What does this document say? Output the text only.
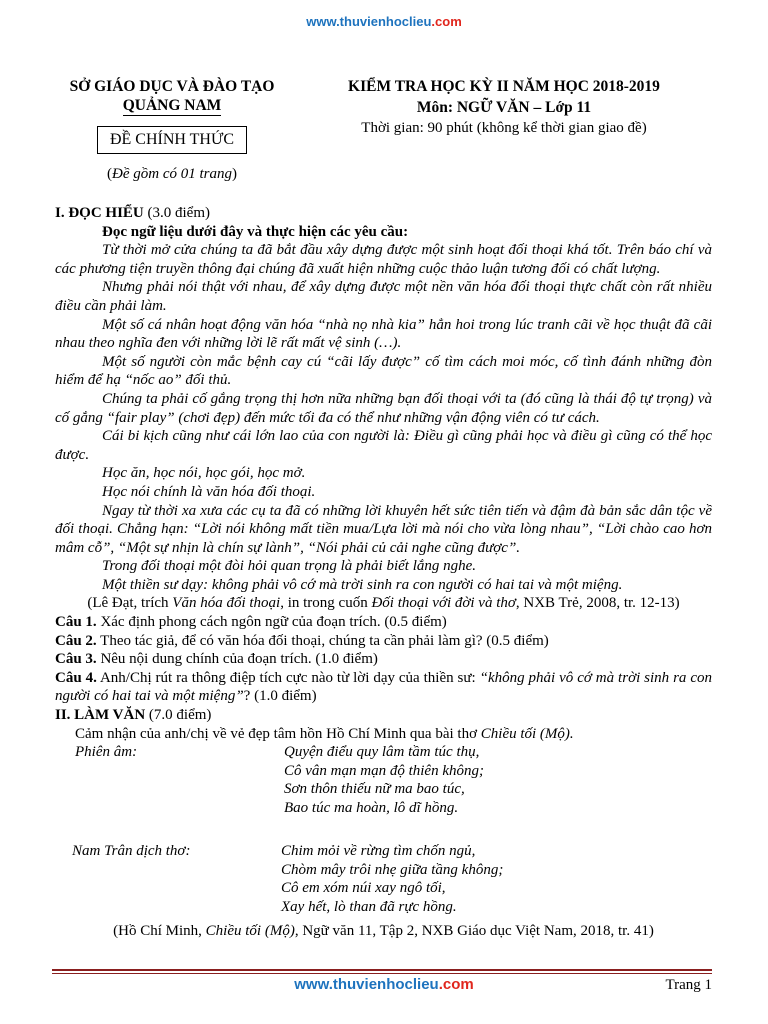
www.thuvienhoclieu.com
SỞ GIÁO DỤC VÀ ĐÀO TẠO
QUẢNG NAM
ĐỀ CHÍNH THỨC
(Đề gồm có 01 trang)
KIỂM TRA HỌC KỲ II NĂM HỌC 2018-2019
Môn: NGỮ VĂN – Lớp 11
Thời gian: 90 phút (không kể thời gian giao đề)

I. ĐỌC HIỂU (3.0 điểm)

Đọc ngữ liệu dưới đây và thực hiện các yêu cầu:

Từ thời mở cửa chúng ta đã bắt đầu xây dựng được một sinh hoạt đối thoại khá tốt. Trên báo chí và các phương tiện truyền thông đại chúng đã xuất hiện những cuộc thảo luận tương đối có chất lượng.

Nhưng phải nói thật với nhau, để xây dựng được một nền văn hóa đối thoại thực chất còn rất nhiều điều cần phải làm.

Một số cá nhân hoạt động văn hóa “nhà nọ nhà kia” hẳn hoi trong lúc tranh cãi về học thuật đã cãi nhau theo nghĩa đen với những lời lẽ rất mất vệ sinh (…).

Một số người còn mắc bệnh cay cú “cãi lấy được” cố tìm cách moi móc, cố tình đánh những đòn hiểm để hạ “nốc ao” đối thủ.

Chúng ta phải cố gắng trọng thị hơn nữa những bạn đối thoại với ta (đó cũng là thái độ tự trọng) và cố gắng “fair play” (chơi đẹp) đến mức tối đa có thể như những vận động viên có tư cách.

Cái bi kịch cũng như cái lớn lao của con người là: Điều gì cũng phải học và điều gì cũng có thể học được.

Học ăn, học nói, học gói, học mở.

Học nói chính là văn hóa đối thoại.

Ngay từ thời xa xưa các cụ ta đã có những lời khuyên hết sức tiên tiến và đậm đà bản sắc dân tộc về đối thoại. Chẳng hạn: “Lời nói không mất tiền mua/Lựa lời mà nói cho vừa lòng nhau”, “Lời chào cao hơn mâm cỗ”, “Một sự nhịn là chín sự lành”, “Nói phải củ cải nghe cũng được”.

Trong đối thoại một đòi hỏi quan trọng là phải biết lắng nghe.

Một thiền sư dạy: không phải vô cớ mà trời sinh ra con người có hai tai và một miệng.

(Lê Đạt, trích Văn hóa đối thoại, in trong cuốn Đối thoại với đời và thơ, NXB Trẻ, 2008, tr. 12-13)

Câu 1. Xác định phong cách ngôn ngữ của đoạn trích. (0.5 điểm)

Câu 2. Theo tác giả, để có văn hóa đối thoại, chúng ta cần phải làm gì? (0.5 điểm)

Câu 3. Nêu nội dung chính của đoạn trích. (1.0 điểm)

Câu 4. Anh/Chị rút ra thông điệp tích cực nào từ lời dạy của thiền sư: “không phải vô cớ mà trời sinh ra con người có hai tai và một miệng”? (1.0 điểm)

II. LÀM VĂN (7.0 điểm)

Cảm nhận của anh/chị về vẻ đẹp tâm hồn Hồ Chí Minh qua bài thơ Chiều tối (Mộ).

Phiên âm:	Quyện điểu quy lâm tầm túc thụ,
Cô vân mạn mạn độ thiên không;
Sơn thôn thiếu nữ ma bao túc,
Bao túc ma hoàn, lô dĩ hồng.
Nam Trân dịch thơ:	Chim mỏi về rừng tìm chốn ngủ,
Chòm mây trôi nhẹ giữa tầng không;
Cô em xóm núi xay ngô tối,
Xay hết, lò than đã rực hồng.

(Hồ Chí Minh, Chiều tối (Mộ), Ngữ văn 11, Tập 2, NXB Giáo dục Việt Nam, 2018, tr. 41)

www.thuvienhoclieu.com	Trang 1
